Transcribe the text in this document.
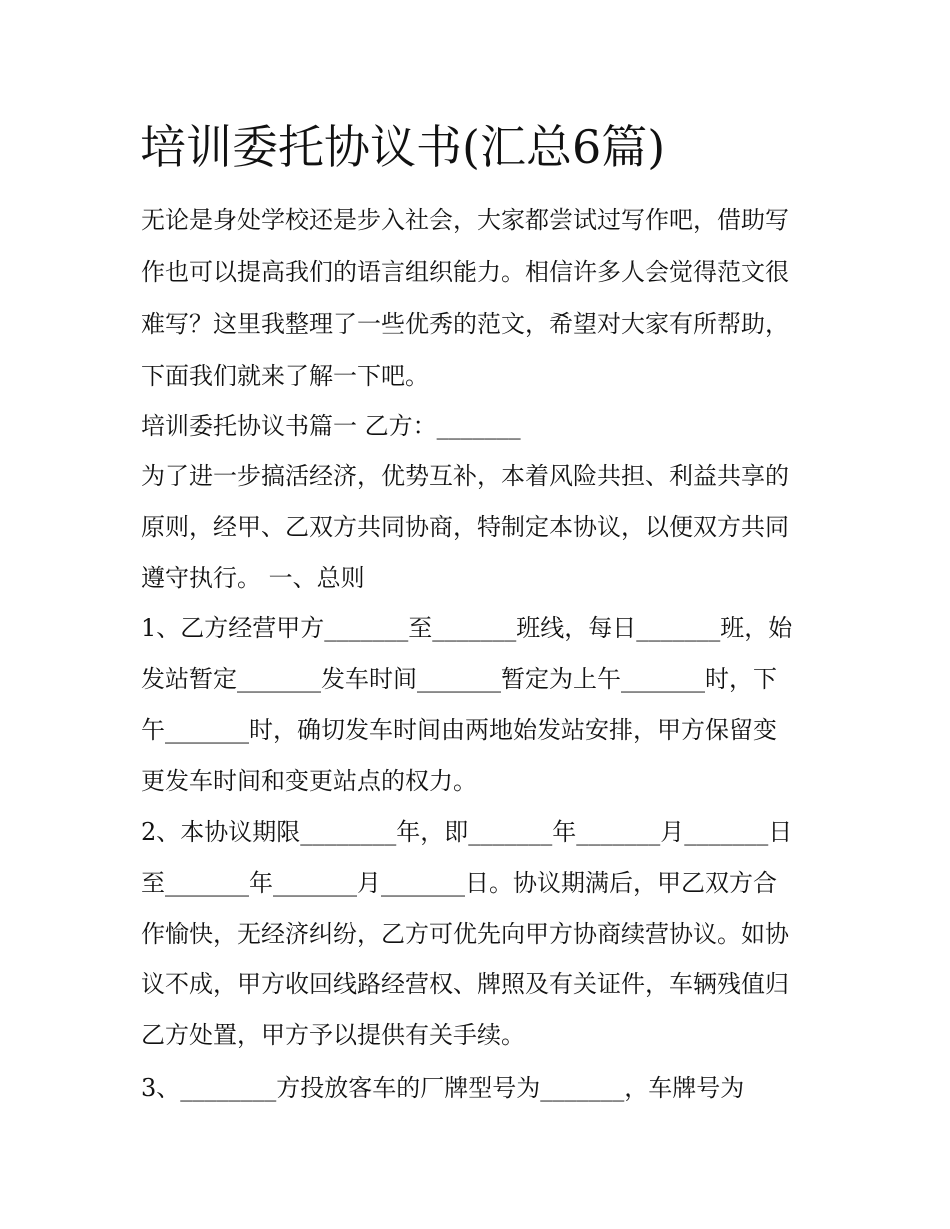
培训委托协议书(汇总6篇)

无论是身处学校还是步入社会，大家都尝试过写作吧，借助写

作也可以提高我们的语言组织能力。相信许多人会觉得范文很

难写？这里我整理了一些优秀的范文，希望对大家有所帮助，

下面我们就来了解一下吧。

培训委托协议书篇一 乙方：_______

为了进一步搞活经济，优势互补，本着风险共担、利益共享的

原则，经甲、乙双方共同协商，特制定本协议，以便双方共同

遵守执行。 一、总则

1、乙方经营甲方_______至_______班线，每日_______班，始

发站暂定_______发车时间_______暂定为上午_______时，下

午_______时，确切发车时间由两地始发站安排，甲方保留变

更发车时间和变更站点的权力。

2、本协议期限________年，即_______年_______月_______日

至_______年_______月_______日。协议期满后，甲乙双方合

作愉快，无经济纠纷，乙方可优先向甲方协商续营协议。如协

议不成，甲方收回线路经营权、牌照及有关证件，车辆残值归

乙方处置，甲方予以提供有关手续。

3、________方投放客车的厂牌型号为_______，车牌号为
